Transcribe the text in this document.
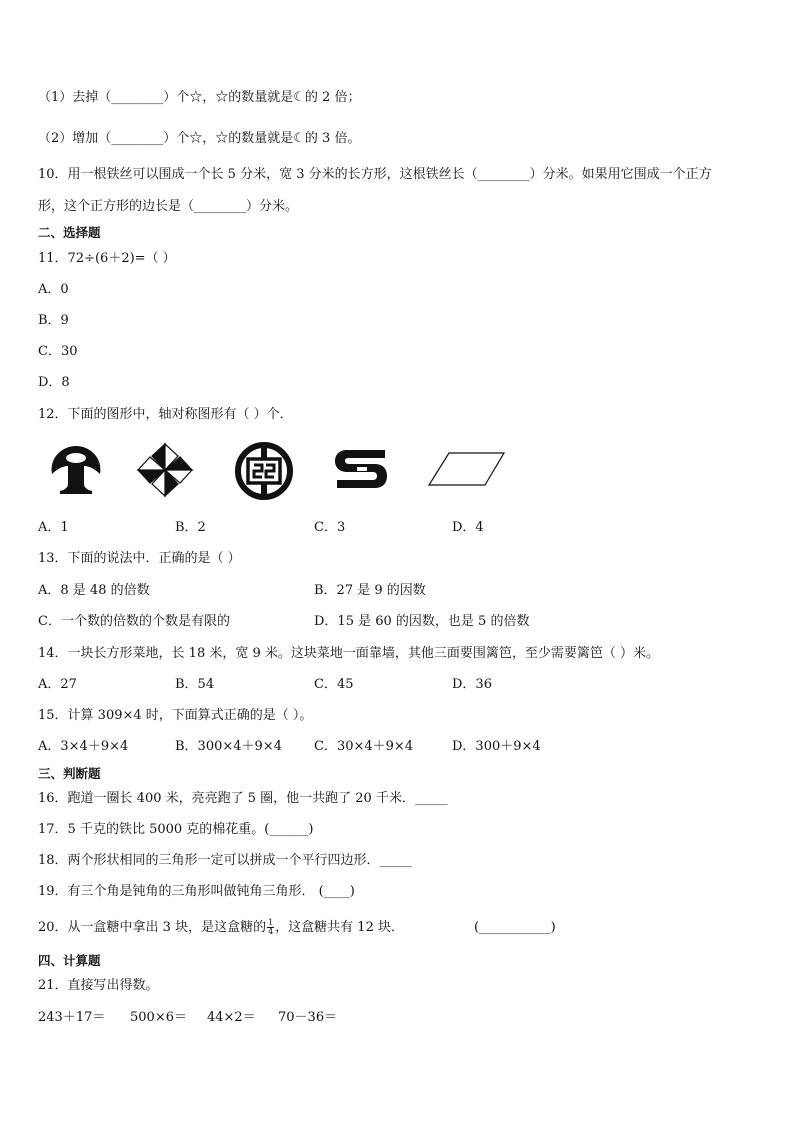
（1）去掉（________）个☆，☆的数量就是☾的 2 倍；
（2）增加（________）个☆，☆的数量就是☾的 3 倍。
10．用一根铁丝可以围成一个长 5 分米，宽 3 分米的长方形，这根铁丝长（________）分米。如果用它围成一个正方
形，这个正方形的边长是（________）分米。
二、选择题
11．72÷(6＋2)=（ ）
A．0
B．9
C．30
D．8
12．下面的图形中，轴对称图形有（ ）个．
A．1	B．2	C．3	D．4
13．下面的说法中．正确的是（ ）
A．8 是 48 的倍数	B．27 是 9 的因数
C．一个数的倍数的个数是有限的	D．15 是 60 的因数，也是 5 的倍数
14．一块长方形菜地，长 18 米，宽 9 米。这块菜地一面靠墙，其他三面要围篱笆，至少需要篱笆（ ）米。
A．27	B．54	C．45	D．36
15．计算 309×4 时，下面算式正确的是（ ）。
A．3×4＋9×4	B．300×4＋9×4 C．30×4＋9×4	D．300＋9×4
三、判断题
16．跑道一圈长 400 米，亮亮跑了 5 圈，他一共跑了 20 千米．_____
17．5 千克的铁比 5000 克的棉花重。(______)
18．两个形状相同的三角形一定可以拼成一个平行四边形．_____
19．有三个角是钝角的三角形叫做钝角三角形． (____)
20．从一盒糖中拿出 3 块，是这盒糖的 $\frac{1}{4}$ ，这盒糖共有 12 块．	(___________)
四、计算题
21．直接写出得数。
243＋17＝ 500×6＝ 44×2＝ 70－36＝
